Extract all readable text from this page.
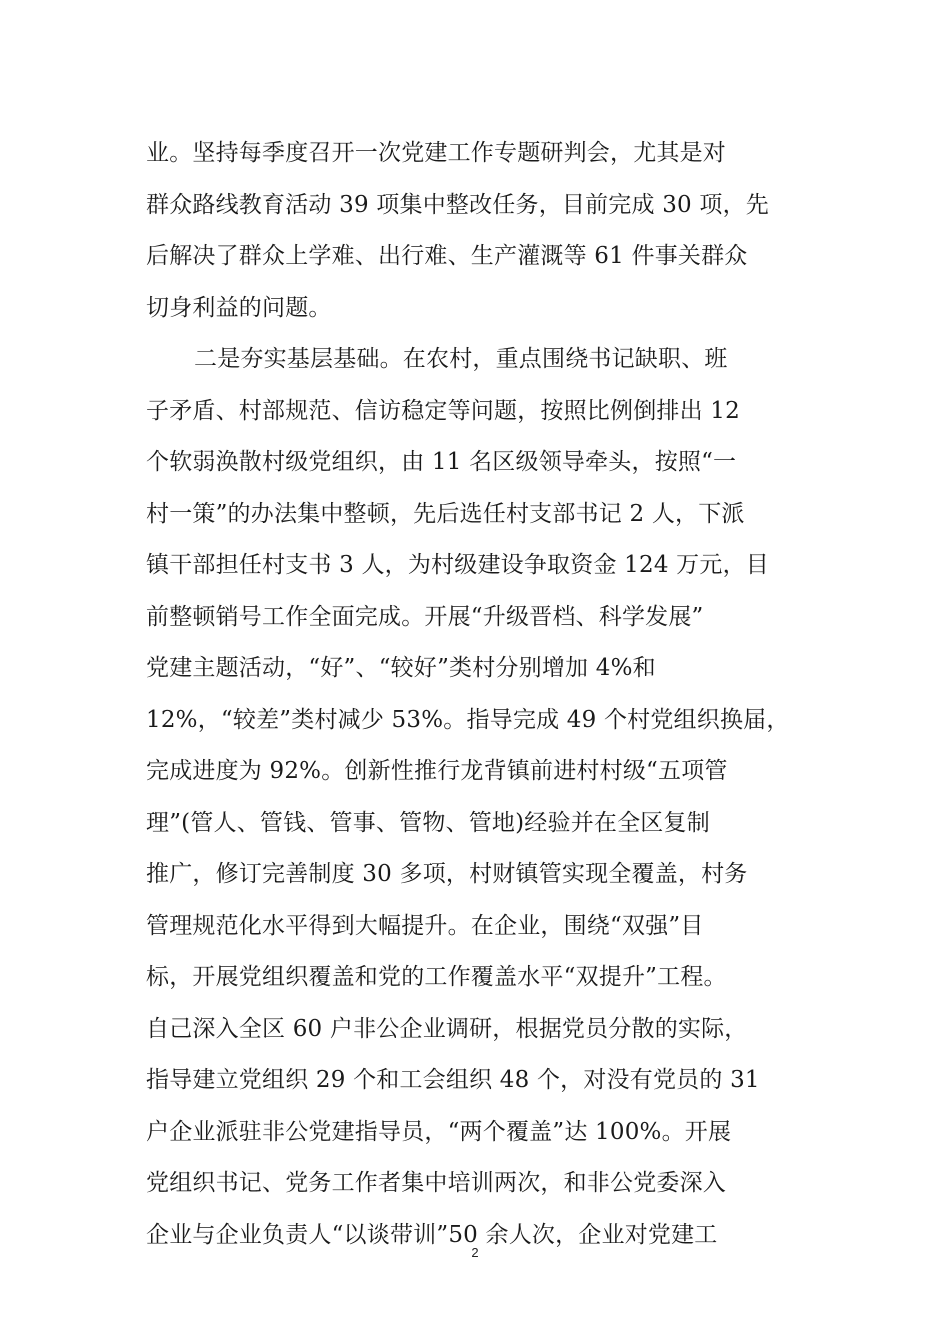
业。坚持每季度召开一次党建工作专题研判会，尤其是对
群众路线教育活动 39 项集中整改任务，目前完成 30 项，先
后解决了群众上学难、出行难、生产灌溉等 61 件事关群众
切身利益的问题。
二是夯实基层基础。在农村，重点围绕书记缺职、班
子矛盾、村部规范、信访稳定等问题，按照比例倒排出 12
个软弱涣散村级党组织，由 11 名区级领导牵头，按照“一
村一策”的办法集中整顿，先后选任村支部书记 2 人，下派
镇干部担任村支书 3 人，为村级建设争取资金 124 万元，目
前整顿销号工作全面完成。开展“升级晋档、科学发展”
党建主题活动，“好”、“较好”类村分别增加 4%和
12%，“较差”类村减少 53%。指导完成 49 个村党组织换届，
完成进度为 92%。创新性推行龙背镇前进村村级“五项管
理”(管人、管钱、管事、管物、管地)经验并在全区复制
推广，修订完善制度 30 多项，村财镇管实现全覆盖，村务
管理规范化水平得到大幅提升。在企业，围绕“双强”目
标，开展党组织覆盖和党的工作覆盖水平“双提升”工程。
自己深入全区 60 户非公企业调研，根据党员分散的实际，
指导建立党组织 29 个和工会组织 48 个，对没有党员的 31
户企业派驻非公党建指导员，“两个覆盖”达 100%。开展
党组织书记、党务工作者集中培训两次，和非公党委深入
企业与企业负责人“以谈带训”50 余人次，企业对党建工
2
